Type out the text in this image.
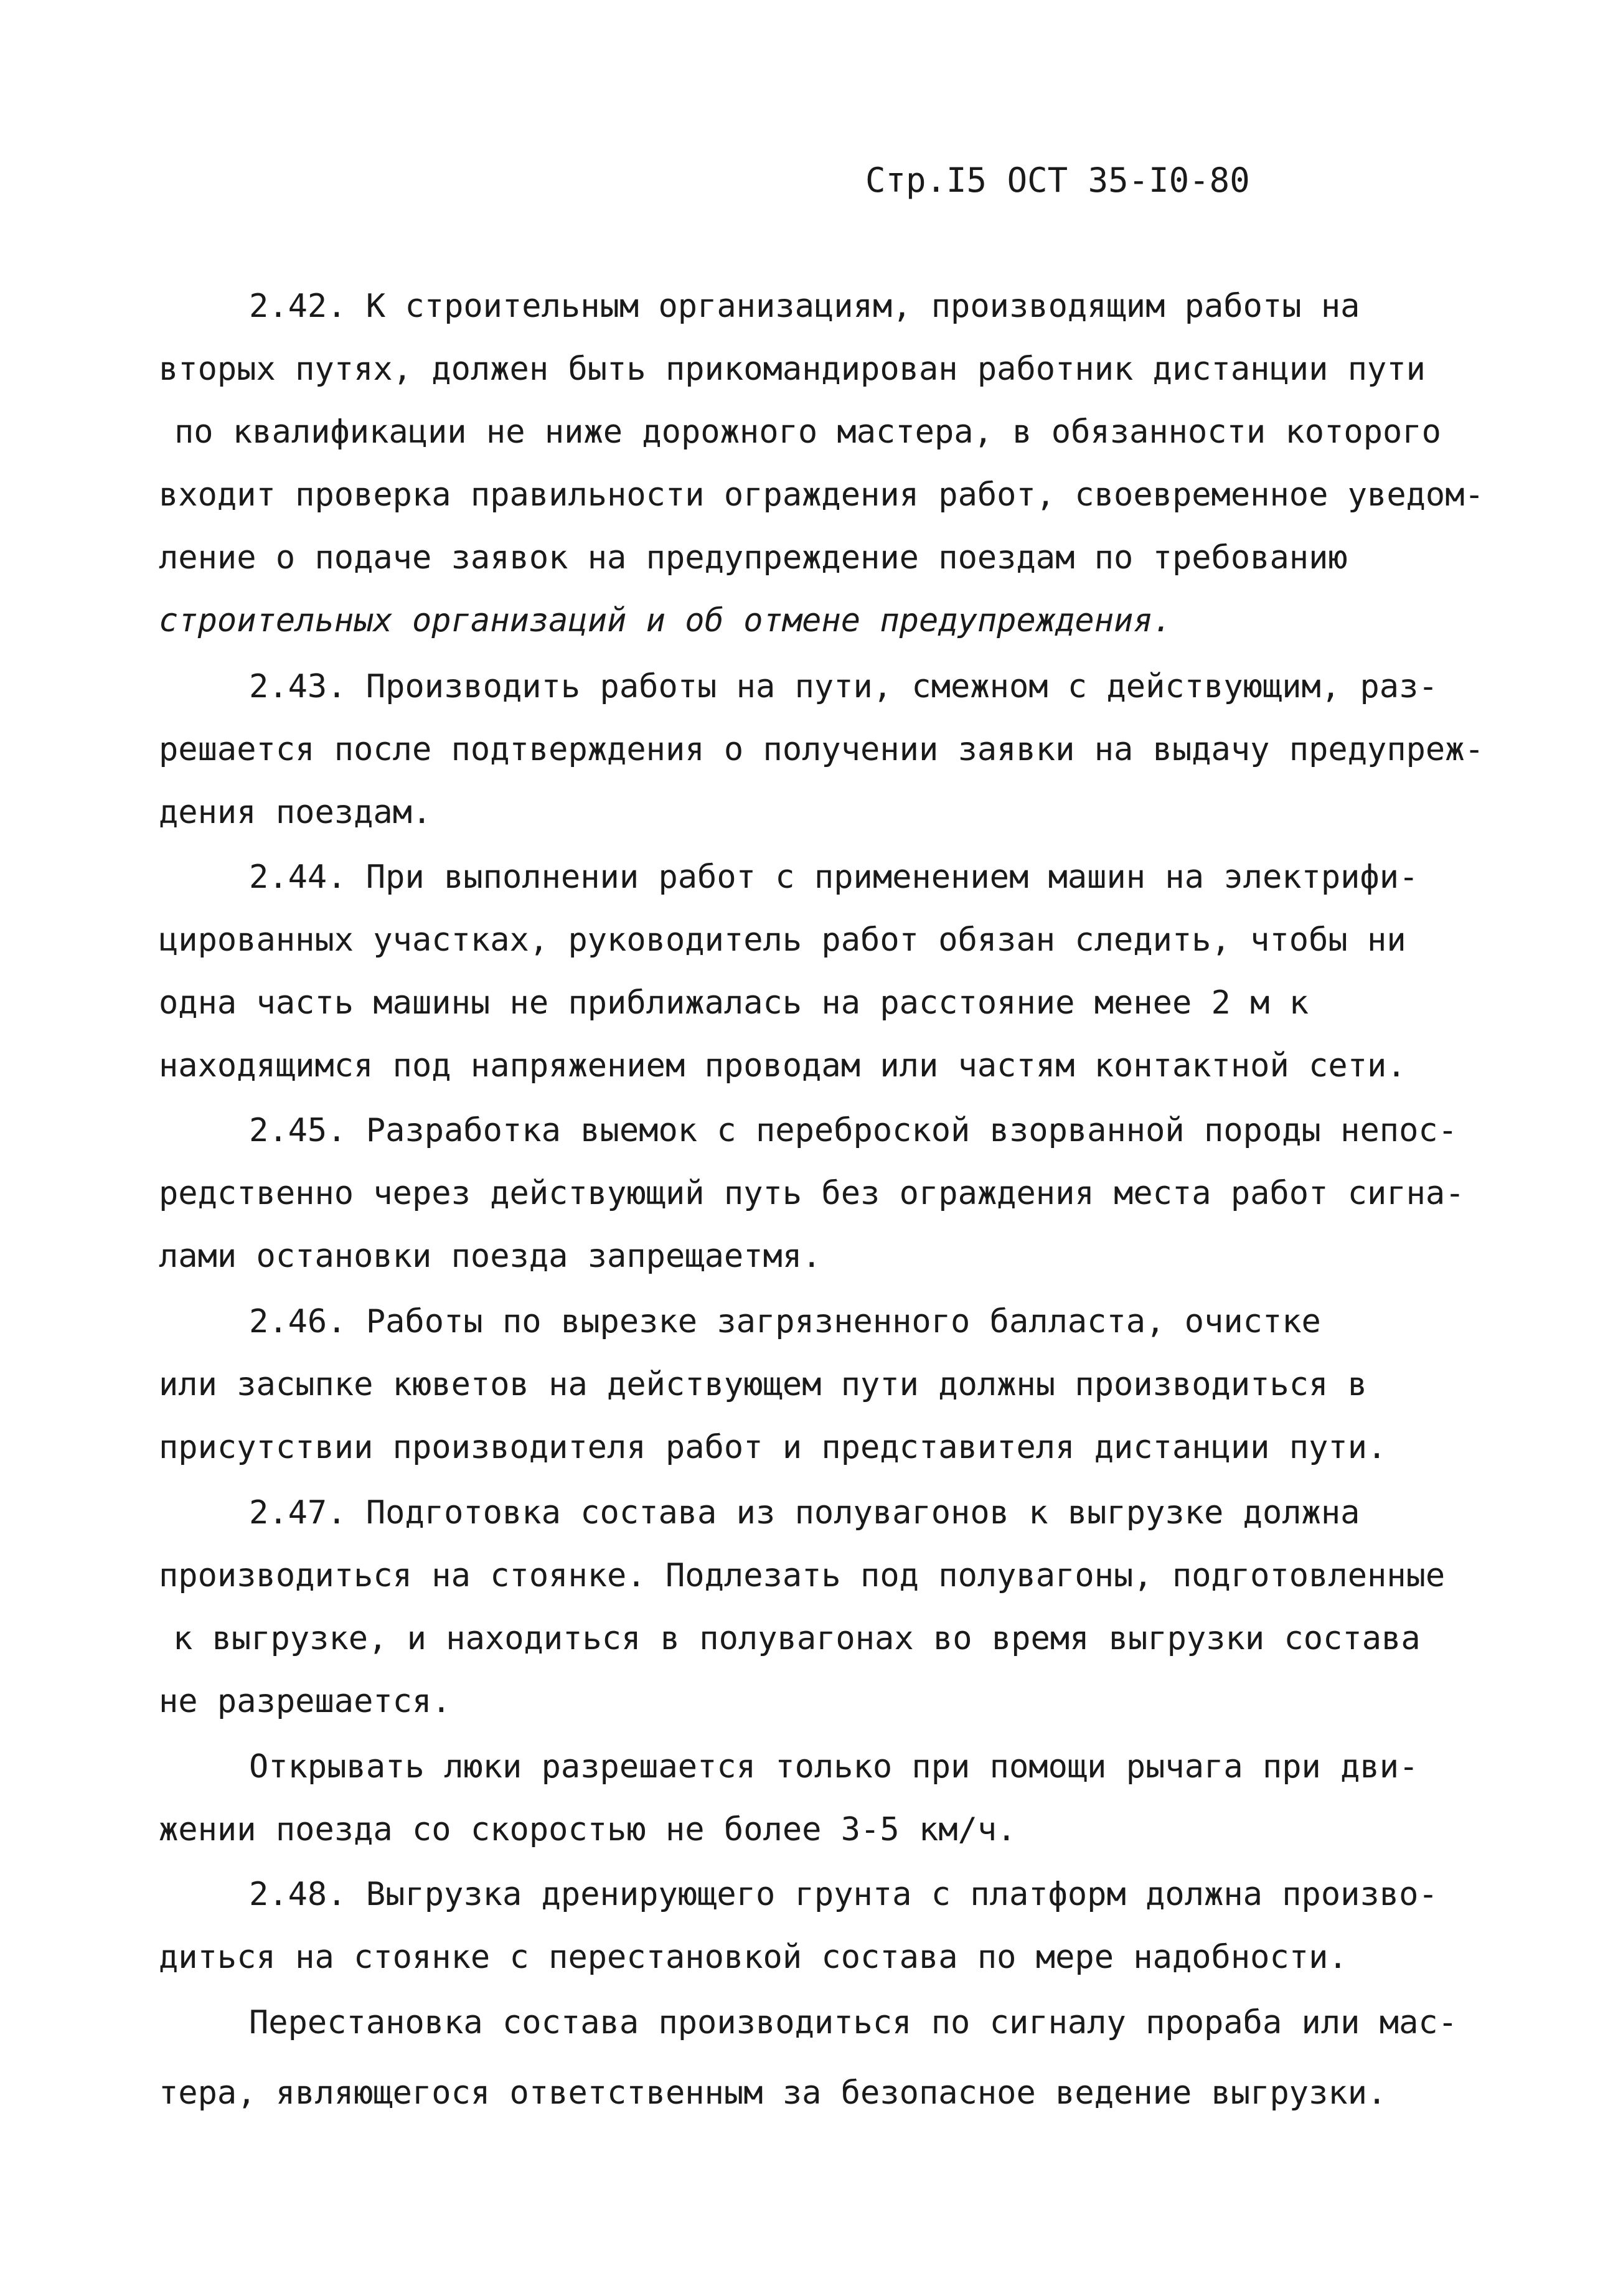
Стр.I5 ОСТ 35-I0-80
2.42. К строительным организациям, производящим работы на
вторых путях, должен быть прикомандирован работник дистанции пути
по квалификации не ниже дорожного мастера, в обязанности которого
входит проверка правильности ограждения работ, своевременное уведом-
ление о подаче заявок на предупреждение поездам по требованию
строительных организаций и об отмене предупреждения.
2.43. Производить работы на пути, смежном с действующим, раз-
решается после подтверждения о получении заявки на выдачу предупреж-
дения поездам.
2.44. При выполнении работ с применением машин на электрифи-
цированных участках, руководитель работ обязан следить, чтобы ни
одна часть машины не приближалась на расстояние менее 2 м к
находящимся под напряжением проводам или частям контактной сети.
2.45. Разработка выемок с переброской взорванной породы непос-
редственно через действующий путь без ограждения места работ сигна-
лами остановки поезда запрещаетмя.
2.46. Работы по вырезке загрязненного балласта, очистке
или засыпке кюветов на действующем пути должны производиться в
присутствии производителя работ и представителя дистанции пути.
2.47. Подготовка состава из полувагонов к выгрузке должна
производиться на стоянке. Подлезать под полувагоны, подготовленные
к выгрузке, и находиться в полувагонах во время выгрузки состава
не разрешается.
Открывать люки разрешается только при помощи рычага при дви-
жении поезда со скоростью не более 3-5 км/ч.
2.48. Выгрузка дренирующего грунта с платформ должна произво-
диться на стоянке с перестановкой состава по мере надобности.
Перестановка состава производиться по сигналу прораба или мас-
тера, являющегося ответственным за безопасное ведение выгрузки.
